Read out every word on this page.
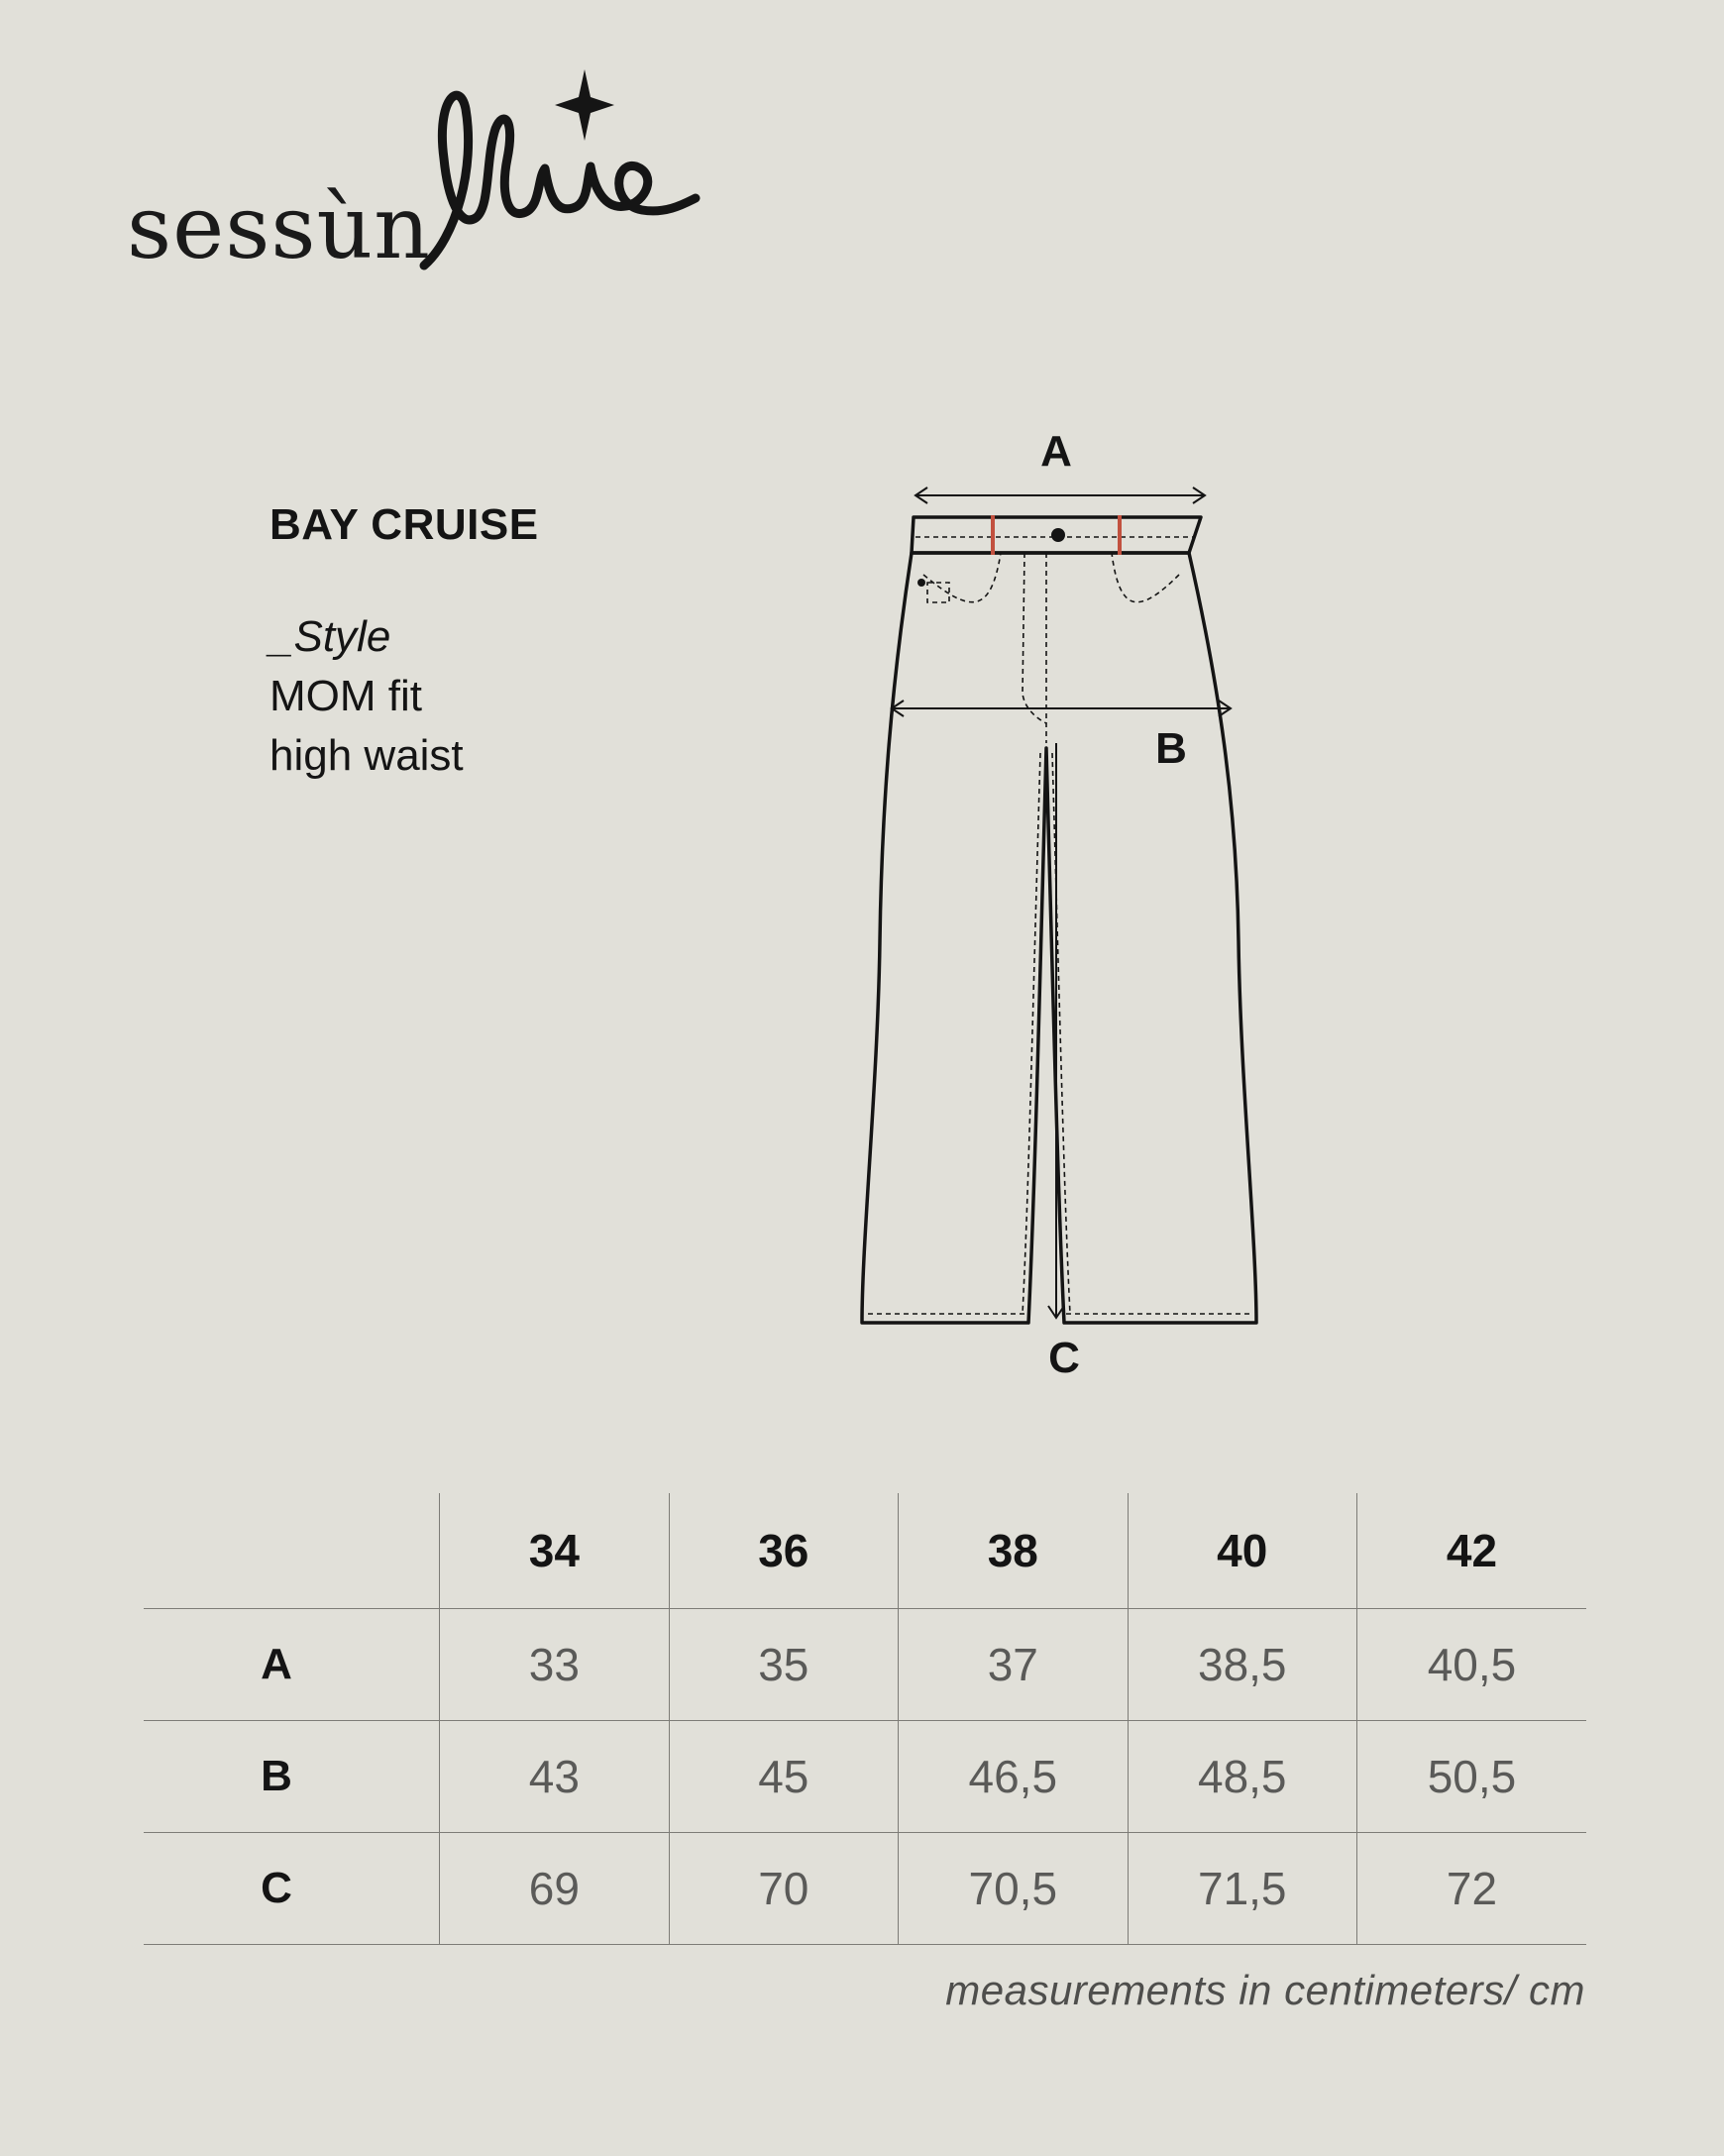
sessùn
BAY CRUISE
_Style
MOM fit
high waist
A
B
C
	34	36	38	40	42
A	33	35	37	38,5	40,5
B	43	45	46,5	48,5	50,5
C	69	70	70,5	71,5	72
measurements in centimeters/ cm
